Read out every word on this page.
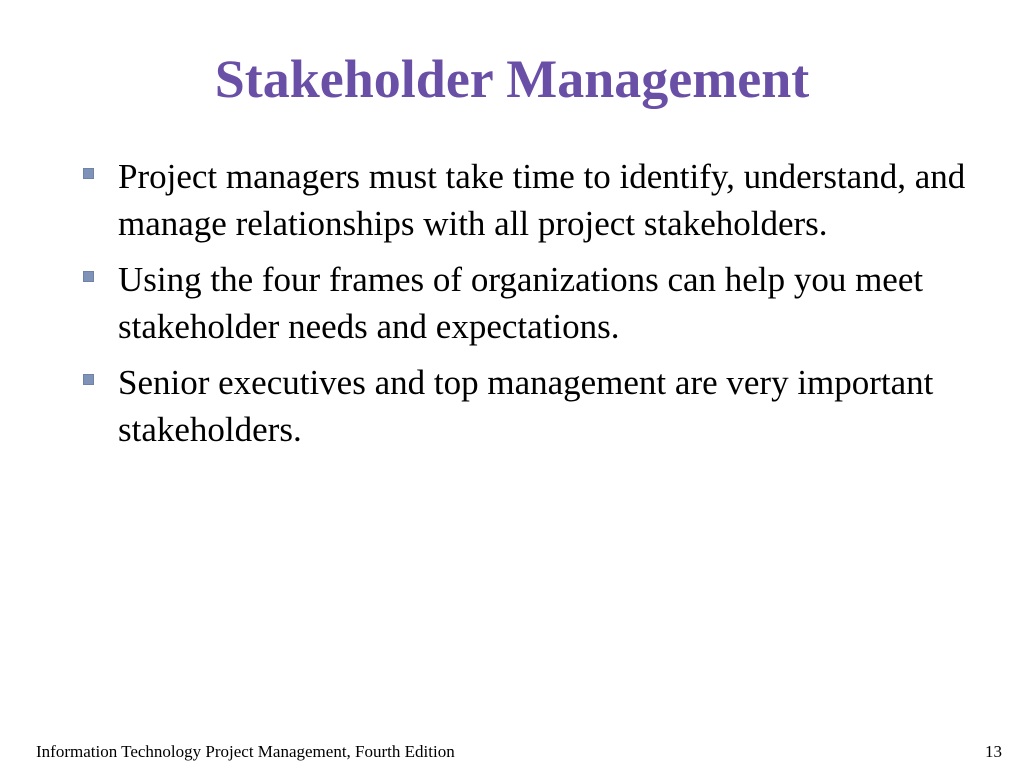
Stakeholder Management
Project managers must take time to identify, understand, and manage relationships with all project stakeholders.
Using the four frames of organizations can help you meet stakeholder needs and expectations.
Senior executives and top management are very important stakeholders.
Information Technology Project Management, Fourth Edition	13
